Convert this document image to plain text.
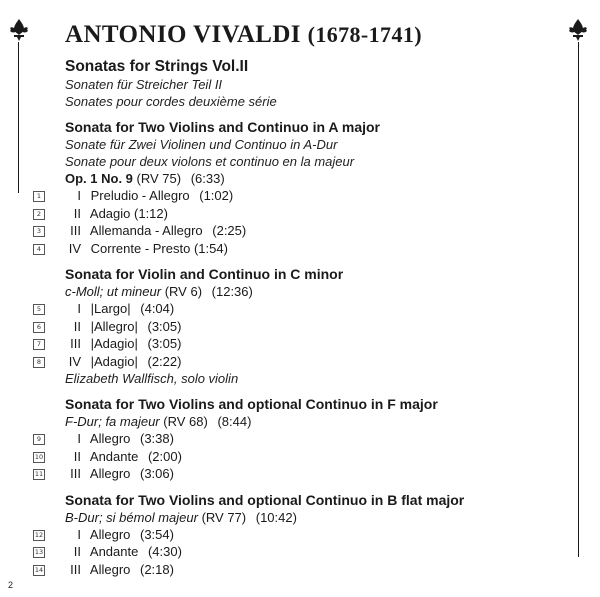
ANTONIO VIVALDI (1678-1741)
Sonatas for Strings Vol.II
Sonaten für Streicher Teil II
Sonates pour cordes deuxième série
Sonata for Two Violins and Continuo in A major
Sonate für Zwei Violinen und Continuo in A-Dur
Sonate pour deux violons et continuo en la majeur
Op. 1 No. 9 (RV 75) (6:33)
1	I Preludio - Allegro (1:02)
2	II Adagio (1:12)
3	III Allemanda - Allegro (2:25)
4	IV Corrente - Presto (1:54)
Sonata for Violin and Continuo in C minor
c-Moll; ut mineur (RV 6) (12:36)
5	I |Largo| (4:04)
6	II |Allegro| (3:05)
7	III |Adagio| (3:05)
8	IV |Adagio| (2:22)
Elizabeth Wallfisch, solo violin
Sonata for Two Violins and optional Continuo in F major
F-Dur; fa majeur (RV 68) (8:44)
9	I Allegro (3:38)
10 II Andante (2:00)
11 III Allegro (3:06)
Sonata for Two Violins and optional Continuo in B flat major
B-Dur; si bémol majeur (RV 77) (10:42)
12	I Allegro (3:54)
13 II Andante (4:30)
14 III Allegro (2:18)
2
